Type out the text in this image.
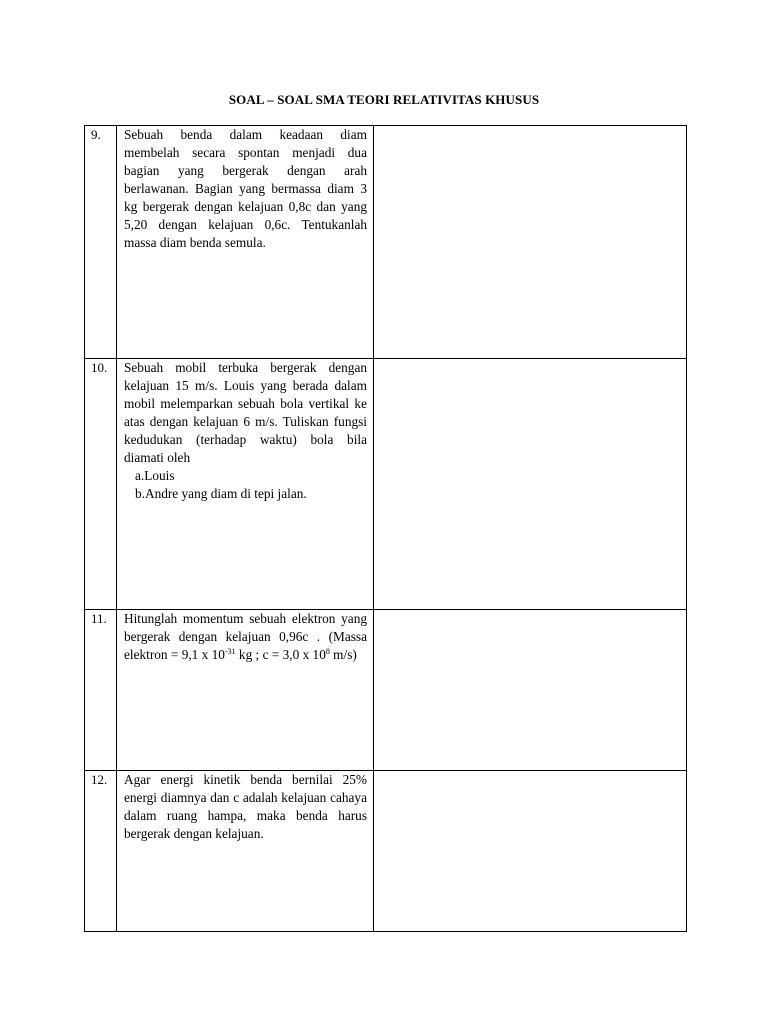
SOAL – SOAL SMA TEORI RELATIVITAS KHUSUS
9.	Sebuah benda dalam keadaan diam membelah secara spontan menjadi dua bagian yang bergerak dengan arah berlawanan. Bagian yang bermassa diam 3 kg bergerak dengan kelajuan 0,8c dan yang 5,20 dengan kelajuan 0,6c. Tentukanlah massa diam benda semula.	

10.	Sebuah mobil terbuka bergerak dengan kelajuan 15 m/s. Louis yang berada dalam mobil melemparkan sebuah bola vertikal ke atas dengan kelajuan 6 m/s. Tuliskan fungsi kedudukan (terhadap waktu) bola bila diamati oleh
a.Louis
b.Andre yang diam di tepi jalan.	

11.	Hitunglah momentum sebuah elektron yang bergerak dengan kelajuan 0,96c . (Massa elektron = 9,1 x $10^{-31}$ kg ; c = 3,0 x $10^8$ m/s)	

12.	Agar energi kinetik benda bernilai 25% energi diamnya dan c adalah kelajuan cahaya dalam ruang hampa, maka benda harus bergerak dengan kelajuan.	
